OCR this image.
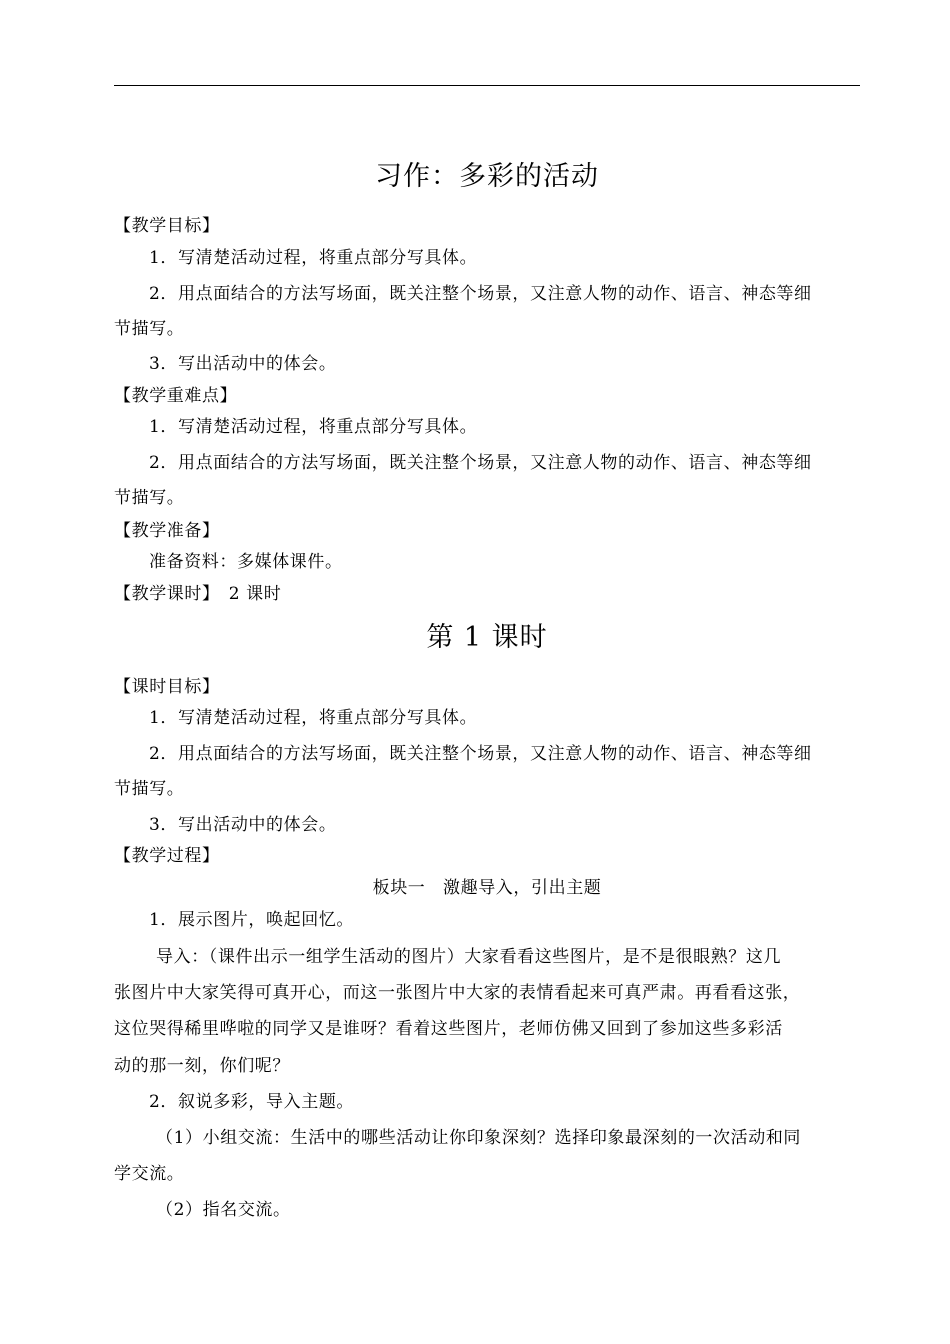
习作：多彩的活动
【教学目标】
1．写清楚活动过程，将重点部分写具体。
2．用点面结合的方法写场面，既关注整个场景，又注意人物的动作、语言、神态等细
节描写。
3．写出活动中的体会。
【教学重难点】
1．写清楚活动过程，将重点部分写具体。
2．用点面结合的方法写场面，既关注整个场景，又注意人物的动作、语言、神态等细
节描写。
【教学准备】
准备资料：多媒体课件。
【教学课时】　2 课时
第 1 课时
【课时目标】
1．写清楚活动过程，将重点部分写具体。
2．用点面结合的方法写场面，既关注整个场景，又注意人物的动作、语言、神态等细
节描写。
3．写出活动中的体会。
【教学过程】
板块一　激趣导入，引出主题
1．展示图片，唤起回忆。
导入：（课件出示一组学生活动的图片）大家看看这些图片，是不是很眼熟？这几
张图片中大家笑得可真开心，而这一张图片中大家的表情看起来可真严肃。再看看这张，
这位哭得稀里哗啦的同学又是谁呀？看着这些图片，老师仿佛又回到了参加这些多彩活
动的那一刻，你们呢？
2．叙说多彩，导入主题。
（1）小组交流：生活中的哪些活动让你印象深刻？选择印象最深刻的一次活动和同
学交流。
（2）指名交流。
